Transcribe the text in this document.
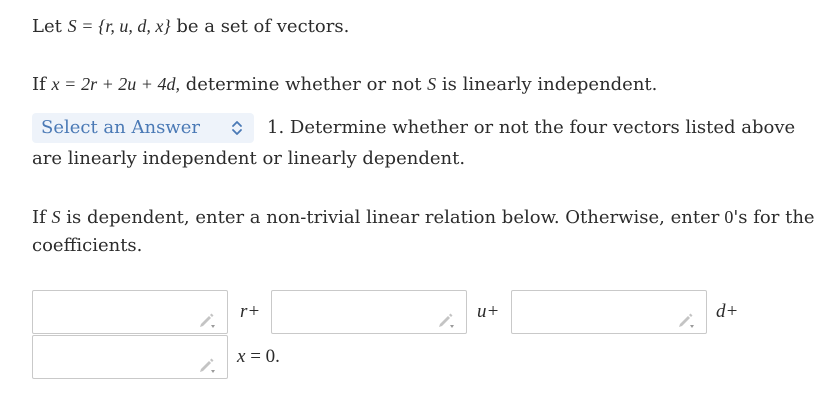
Let S = {r, u, d, x} be a set of vectors.
If x = 2r + 2u + 4d, determine whether or not S is linearly independent.
Select an Answer	1. Determine whether or not the four vectors listed above
are linearly independent or linearly dependent.
If S is dependent, enter a non-trivial linear relation below. Otherwise, enter 0's for the
coefficients.
r+	u+	d+
x = 0.
